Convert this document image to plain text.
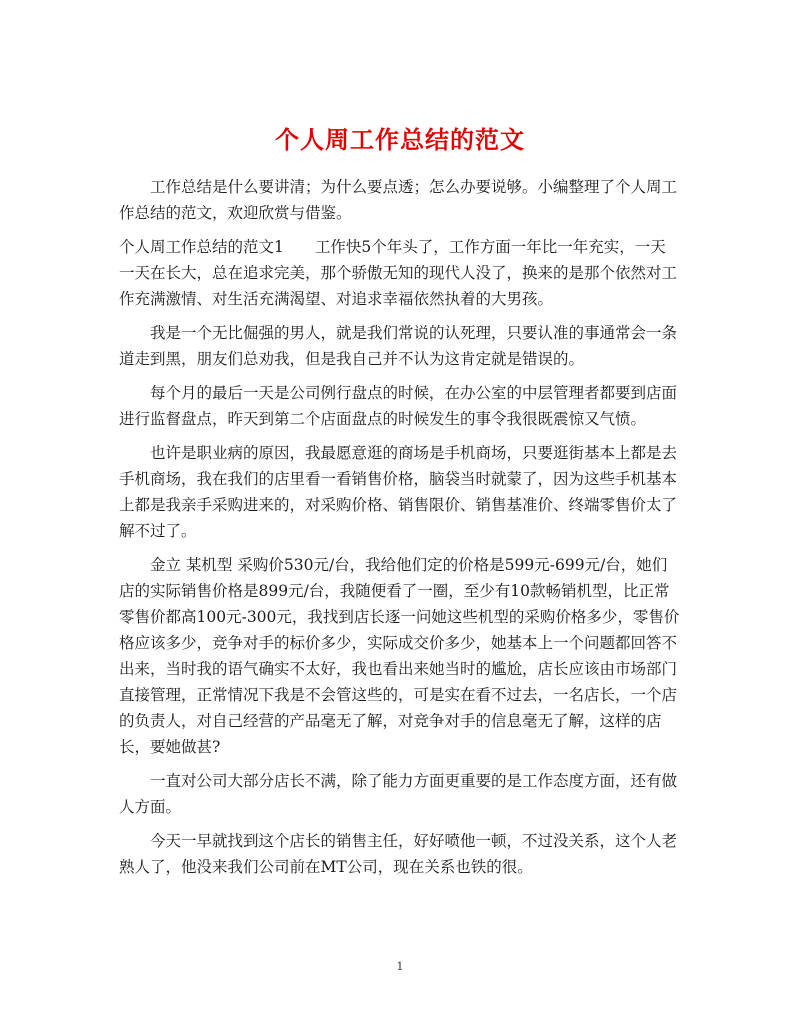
个人周工作总结的范文

工作总结是什么要讲清；为什么要点透；怎么办要说够。小编整理了个人周工作总结的范文，欢迎欣赏与借鉴。

个人周工作总结的范文1　　工作快5个年头了，工作方面一年比一年充实，一天一天在长大，总在追求完美，那个骄傲无知的现代人没了，换来的是那个依然对工作充满激情、对生活充满渴望、对追求幸福依然执着的大男孩。

我是一个无比倔强的男人，就是我们常说的认死理，只要认准的事通常会一条道走到黑，朋友们总劝我，但是我自己并不认为这肯定就是错误的。

每个月的最后一天是公司例行盘点的时候，在办公室的中层管理者都要到店面进行监督盘点，昨天到第二个店面盘点的时候发生的事令我很既震惊又气愤。

也许是职业病的原因，我最愿意逛的商场是手机商场，只要逛街基本上都是去手机商场，我在我们的店里看一看销售价格，脑袋当时就蒙了，因为这些手机基本上都是我亲手采购进来的，对采购价格、销售限价、销售基准价、终端零售价太了解不过了。

金立 某机型 采购价530元/台，我给他们定的价格是599元-699元/台，她们店的实际销售价格是899元/台，我随便看了一圈，至少有10款畅销机型，比正常零售价都高100元-300元，我找到店长逐一问她这些机型的采购价格多少，零售价格应该多少，竞争对手的标价多少，实际成交价多少，她基本上一个问题都回答不出来，当时我的语气确实不太好，我也看出来她当时的尴尬，店长应该由市场部门直接管理，正常情况下我是不会管这些的，可是实在看不过去，一名店长，一个店的负责人，对自己经营的产品毫无了解，对竞争对手的信息毫无了解，这样的店长，要她做甚?

一直对公司大部分店长不满，除了能力方面更重要的是工作态度方面，还有做人方面。

今天一早就找到这个店长的销售主任，好好喷他一顿，不过没关系，这个人老熟人了，他没来我们公司前在MT公司，现在关系也铁的很。

1
